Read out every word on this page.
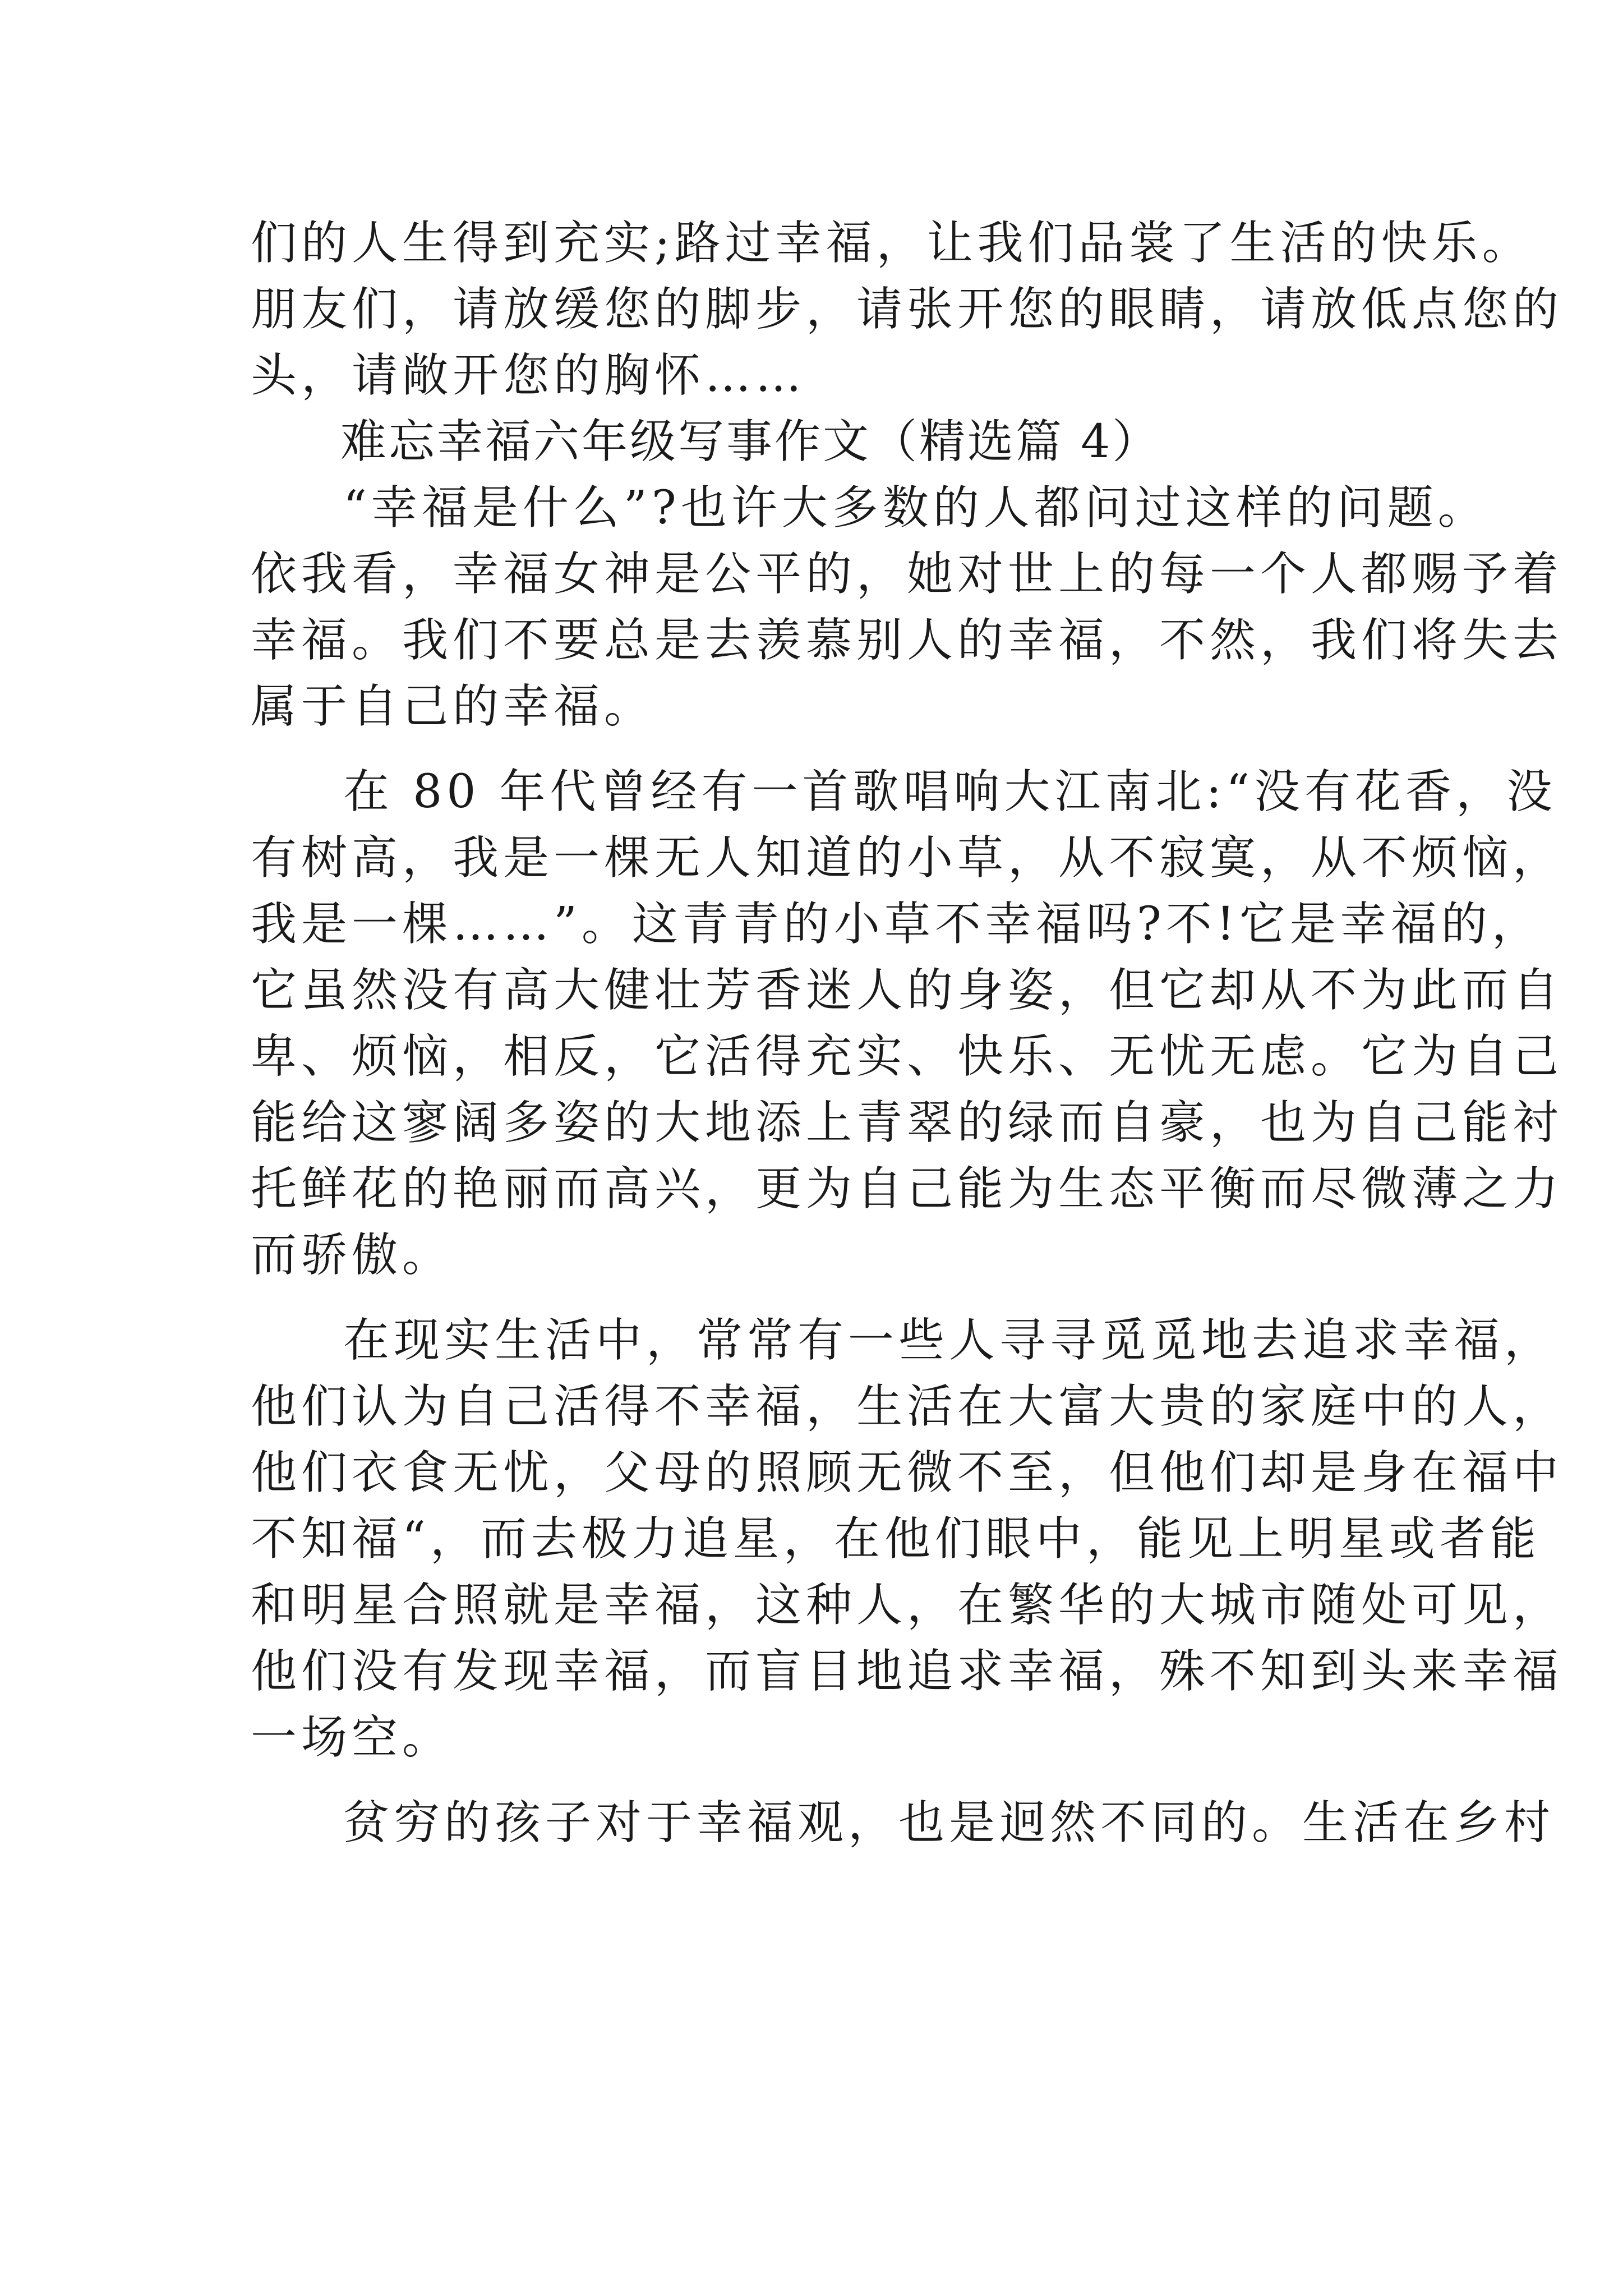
们的人生得到充实;路过幸福，让我们品裳了生活的快乐。
朋友们，请放缓您的脚步，请张开您的眼睛，请放低点您的
头，请敞开您的胸怀……
难忘幸福六年级写事作文（精选篇 4）
“幸福是什么”?也许大多数的人都问过这样的问题。
依我看，幸福女神是公平的，她对世上的每一个人都赐予着
幸福。我们不要总是去羡慕别人的幸福，不然，我们将失去
属于自己的幸福。
在 80 年代曾经有一首歌唱响大江南北:“没有花香，没
有树高，我是一棵无人知道的小草，从不寂寞，从不烦恼，
我是一棵……”。这青青的小草不幸福吗?不!它是幸福的，
它虽然没有高大健壮芳香迷人的身姿，但它却从不为此而自
卑、烦恼，相反，它活得充实、快乐、无忧无虑。它为自己
能给这寥阔多姿的大地添上青翠的绿而自豪，也为自己能衬
托鲜花的艳丽而高兴，更为自己能为生态平衡而尽微薄之力
而骄傲。
在现实生活中，常常有一些人寻寻觅觅地去追求幸福，
他们认为自己活得不幸福，生活在大富大贵的家庭中的人，
他们衣食无忧，父母的照顾无微不至，但他们却是身在福中
不知福“，而去极力追星，在他们眼中，能见上明星或者能
和明星合照就是幸福，这种人，在繁华的大城市随处可见，
他们没有发现幸福，而盲目地追求幸福，殊不知到头来幸福
一场空。
贫穷的孩子对于幸福观，也是迥然不同的。生活在乡村
